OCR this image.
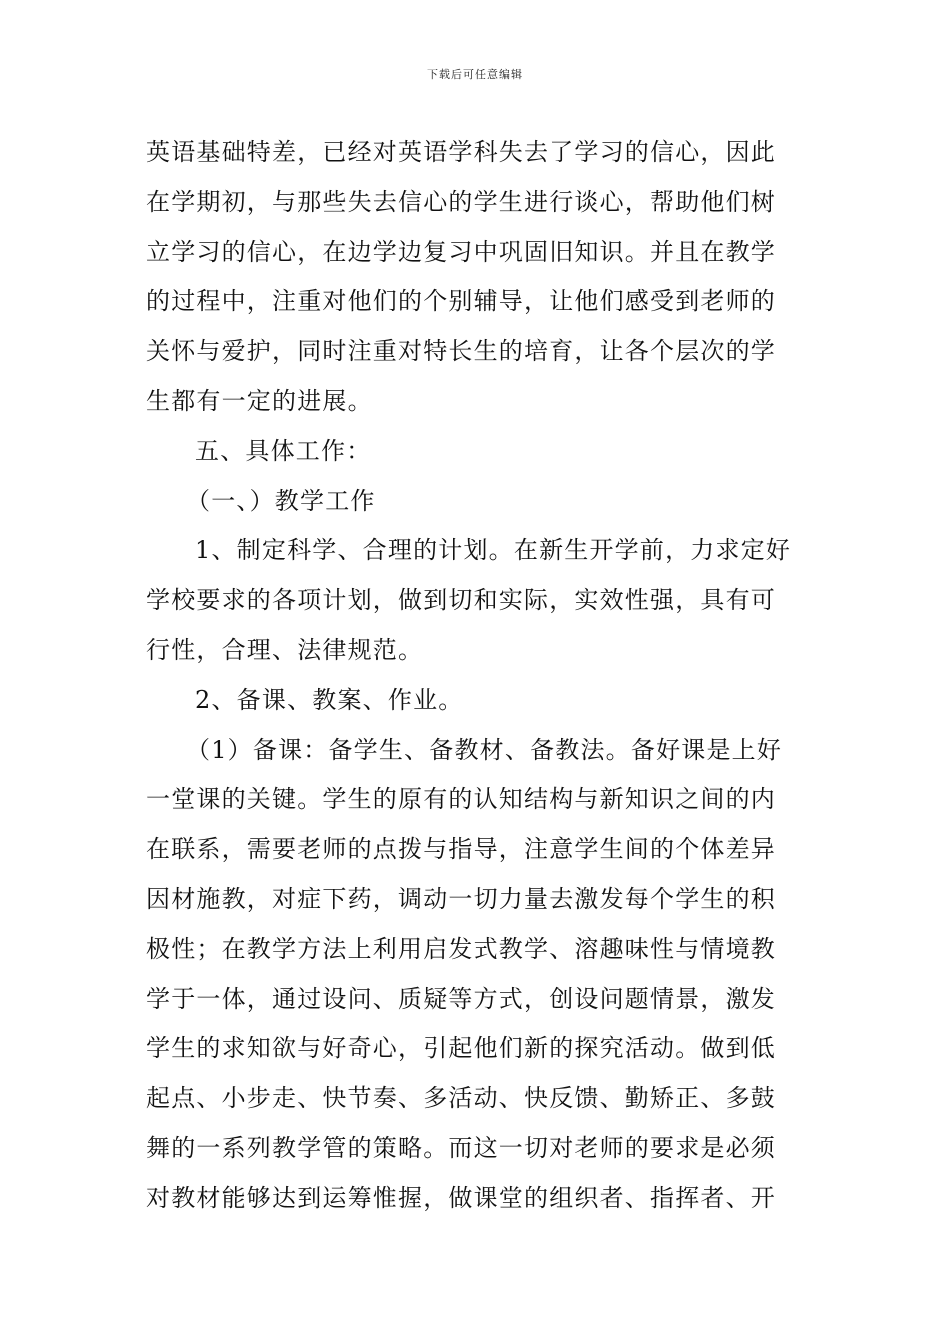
下载后可任意编辑
英语基础特差，已经对英语学科失去了学习的信心，因此
在学期初，与那些失去信心的学生进行谈心，帮助他们树
立学习的信心，在边学边复习中巩固旧知识。并且在教学
的过程中，注重对他们的个别辅导，让他们感受到老师的
关怀与爱护，同时注重对特长生的培育，让各个层次的学
生都有一定的进展。
五、具体工作：
（一、）教学工作
1、制定科学、合理的计划。在新生开学前，力求定好
学校要求的各项计划，做到切和实际，实效性强，具有可
行性，合理、法律规范。
2、备课、教案、作业。
（1）备课：备学生、备教材、备教法。备好课是上好
一堂课的关键。学生的原有的认知结构与新知识之间的内
在联系，需要老师的点拨与指导，注意学生间的个体差异
因材施教，对症下药，调动一切力量去激发每个学生的积
极性；在教学方法上利用启发式教学、溶趣味性与情境教
学于一体，通过设问、质疑等方式，创设问题情景，激发
学生的求知欲与好奇心，引起他们新的探究活动。做到低
起点、小步走、快节奏、多活动、快反馈、勤矫正、多鼓
舞的一系列教学管的策略。而这一切对老师的要求是必须
对教材能够达到运筹惟握，做课堂的组织者、指挥者、开
